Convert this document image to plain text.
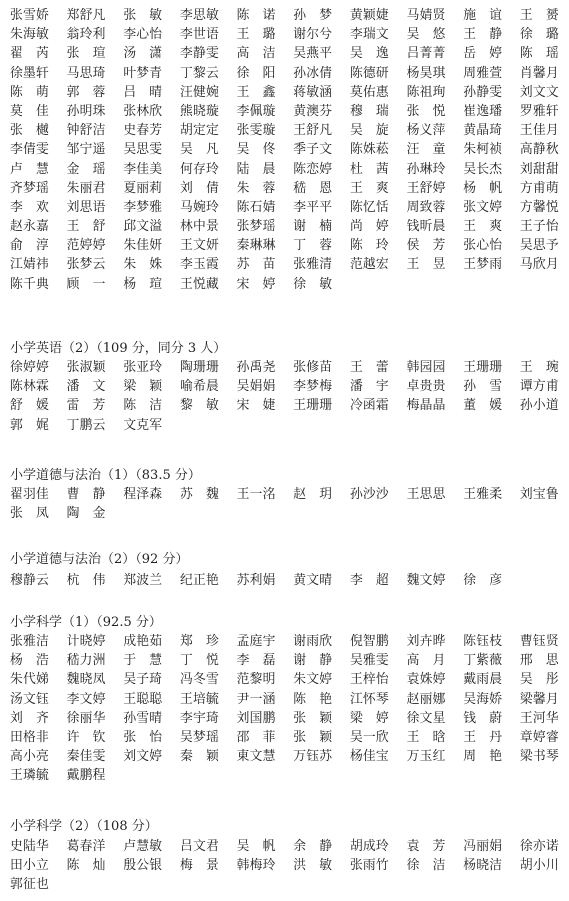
张雪娇 郑舒凡 张　敏 李思敏 陈　诺 孙　梦 黄颖婕 马婧贤 施　谊 王　赟
朱海敏 翁玲利 李心怡 李世语 王　璐 谢尔兮 李瑞文 吴　悠 王　静 徐　璐
翟　芮 张　瑄 汤　潇 李静雯 高　洁 吴燕平 吴　逸 吕菁菁 岳　婷 陈　瑶
徐墨轩 马思琦 叶梦青 丁黎云 徐　阳 孙冰倩 陈德研 杨昊琪 周雅萱 肖馨月
陈　萌 郭　蓉 吕　晴 汪健婉 王　鑫 蒋敏涵 莫佑惠 陈祖珣 孙静雯 刘文文
莫　佳 孙明珠 张林欣 熊晓璇 李佩璇 黄澳芬 穆　瑞 张　悦 崔逸璠 罗雅轩
张　樾 钟舒洁 史春芳 胡定定 张雯璇 王舒凡 吴　旋 杨义萍 黄晶琦 王佳月
李倩雯 邹宁遥 吴思雯 吴　凡 吴　佟 季子文 陈姝菘 汪　童 朱柯祯 高静秋
卢　慧 金　瑶 李佳美 何存玲 陆　晨 陈恋婷 杜　茜 孙琳玲 吴长杰 刘甜甜
齐梦瑶 朱丽君 夏丽莉 刘　倩 朱　蓉 嵇　恩 王　爽 王舒婷 杨　帆 方甫萌
李　欢 刘思语 李梦雅 马婉玲 陈石婧 李平平 陈忆恬 周致蓉 张文婷 方馨悦
赵永嘉 王　舒 邱文溢 林中景 张梦瑶 谢　楠 尚　婷 钱昕晨 王　爽 王子怡
俞　淳 范婷婷 朱佳妍 王文妍 秦琳琳 丁　蓉 陈　玲 侯　芳 张心怡 吴思予
江婧祎 张梦云 朱　姝 李玉霞 苏　苗 张雅清 范越宏 王　昱 王梦雨 马欣月
陈千典 顾　一 杨　瑄 王悦藏 宋　婷 徐　敏
小学英语（2）（109 分，同分 3 人）
徐婷婷 张淑颖 张亚玲 陶珊珊 孙禹尧 张修苗 王　蕾 韩园园 王珊珊 王　琬
陈林霖 潘　文 梁　颖 喻希晨 吴娟娟 李梦梅 潘　宇 卓贵贵 孙　雪 谭方甫
舒　媛 雷　芳 陈　洁 黎　敏 宋　婕 王珊珊 冷函霜 梅晶晶 董　媛 孙小道
郭　娓 丁鹏云 文克军
小学道德与法治（1）（83.5 分）
翟羽佳 曹　静 程泽森 苏　魏 王一洺 赵　玥 孙沙沙 王思思 王雅柔 刘宝鲁
张　凤 陶　金
小学道德与法治（2）（92 分）
穆静云 杭　伟 郑波兰 纪正艳 苏利娟 黄文晴 李　超 魏文婷 徐　彦
小学科学（1）（92.5 分）
张雅洁 计晓婷 成艳茹 郑　珍 孟庭宇 谢雨欣 倪智鹏 刘卉晔 陈钰枝 曹钰贤
杨　浩 嵇力洲 于　慧 丁　悦 李　磊 谢　静 吴雅雯 高　月 丁紫薇 邢　思
朱代娣 魏晓凤 吴子琦 冯冬雪 范黎明 朱文婷 王梓怡 袁姝婷 戴雨晨 吴　彤
汤文钰 李文婷 王聪聪 王培毓 尹一涵 陈　艳 江怀琴 赵丽娜 吴海娇 梁馨月
刘　齐 徐丽华 孙雪晴 李宇琦 刘国鹏 张　颖 梁　婷 徐文星 钱　蔚 王河华
田格非 许　钦 张　怡 吴梦瑶 邵　菲 张　颖 吴一欣 王　晗 王　丹 章婷睿
高小亮 秦佳雯 刘文婷 秦　颖 東文慧 万钰苏 杨佳宝 万玉红 周　艳 梁书琴
王璘毓 戴鹏程
小学科学（2）（108 分）
史陆华 葛春洋 卢慧敏 吕文君 吴　帆 余　静 胡成玲 袁　芳 冯丽娟 徐亦诺
田小立 陈　灿 殷公银 梅　景 韩梅玲 洪　敏 张雨竹 徐　洁 杨晓洁 胡小川
郭征也
